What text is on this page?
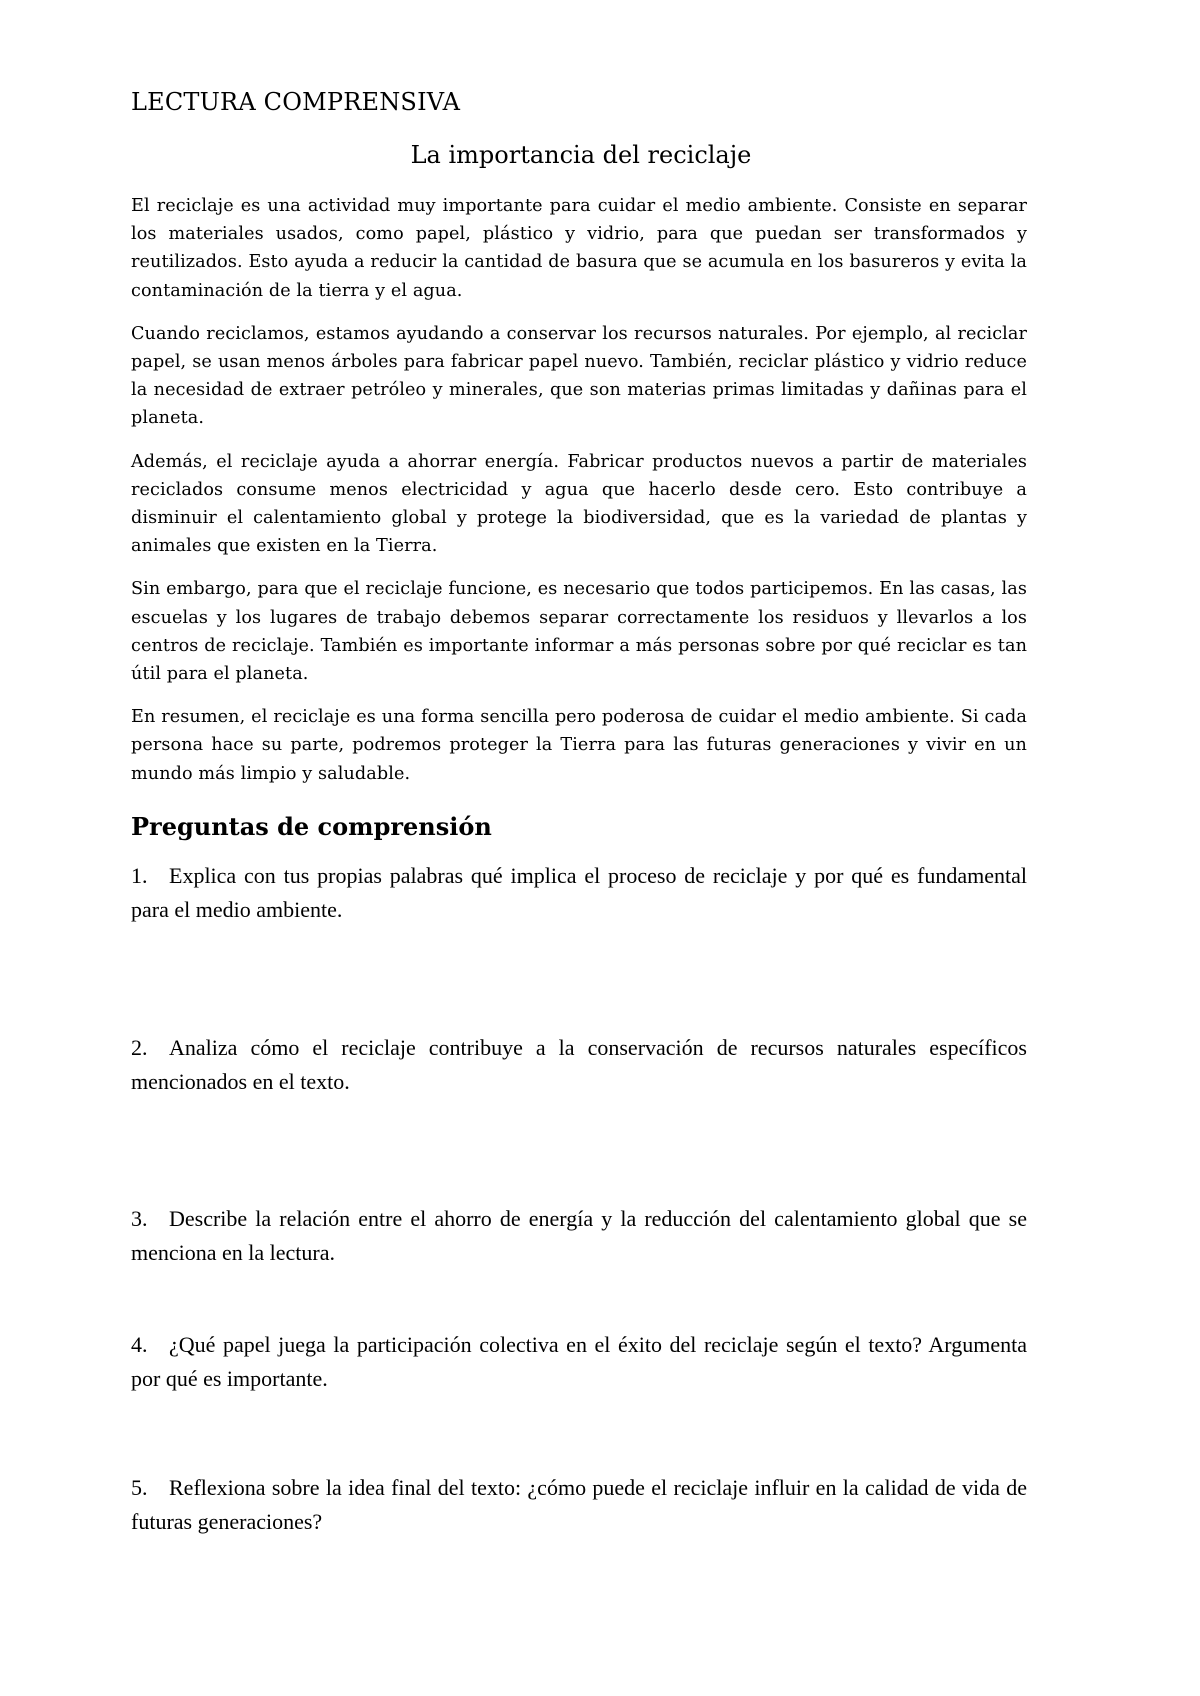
LECTURA COMPRENSIVA
La importancia del reciclaje

El reciclaje es una actividad muy importante para cuidar el medio ambiente. Consiste en separar los materiales usados, como papel, plástico y vidrio, para que puedan ser transformados y reutilizados. Esto ayuda a reducir la cantidad de basura que se acumula en los basureros y evita la contaminación de la tierra y el agua.

Cuando reciclamos, estamos ayudando a conservar los recursos naturales. Por ejemplo, al reciclar papel, se usan menos árboles para fabricar papel nuevo. También, reciclar plástico y vidrio reduce la necesidad de extraer petróleo y minerales, que son materias primas limitadas y dañinas para el planeta.

Además, el reciclaje ayuda a ahorrar energía. Fabricar productos nuevos a partir de materiales reciclados consume menos electricidad y agua que hacerlo desde cero. Esto contribuye a disminuir el calentamiento global y protege la biodiversidad, que es la variedad de plantas y animales que existen en la Tierra.

Sin embargo, para que el reciclaje funcione, es necesario que todos participemos. En las casas, las escuelas y los lugares de trabajo debemos separar correctamente los residuos y llevarlos a los centros de reciclaje. También es importante informar a más personas sobre por qué reciclar es tan útil para el planeta.

En resumen, el reciclaje es una forma sencilla pero poderosa de cuidar el medio ambiente. Si cada persona hace su parte, podremos proteger la Tierra para las futuras generaciones y vivir en un mundo más limpio y saludable.

Preguntas de comprensión
1. Explica con tus propias palabras qué implica el proceso de reciclaje y por qué es fundamental para el medio ambiente.
2. Analiza cómo el reciclaje contribuye a la conservación de recursos naturales específicos mencionados en el texto.
3. Describe la relación entre el ahorro de energía y la reducción del calentamiento global que se menciona en la lectura.
4. ¿Qué papel juega la participación colectiva en el éxito del reciclaje según el texto? Argumenta por qué es importante.
5. Reflexiona sobre la idea final del texto: ¿cómo puede el reciclaje influir en la calidad de vida de futuras generaciones?
